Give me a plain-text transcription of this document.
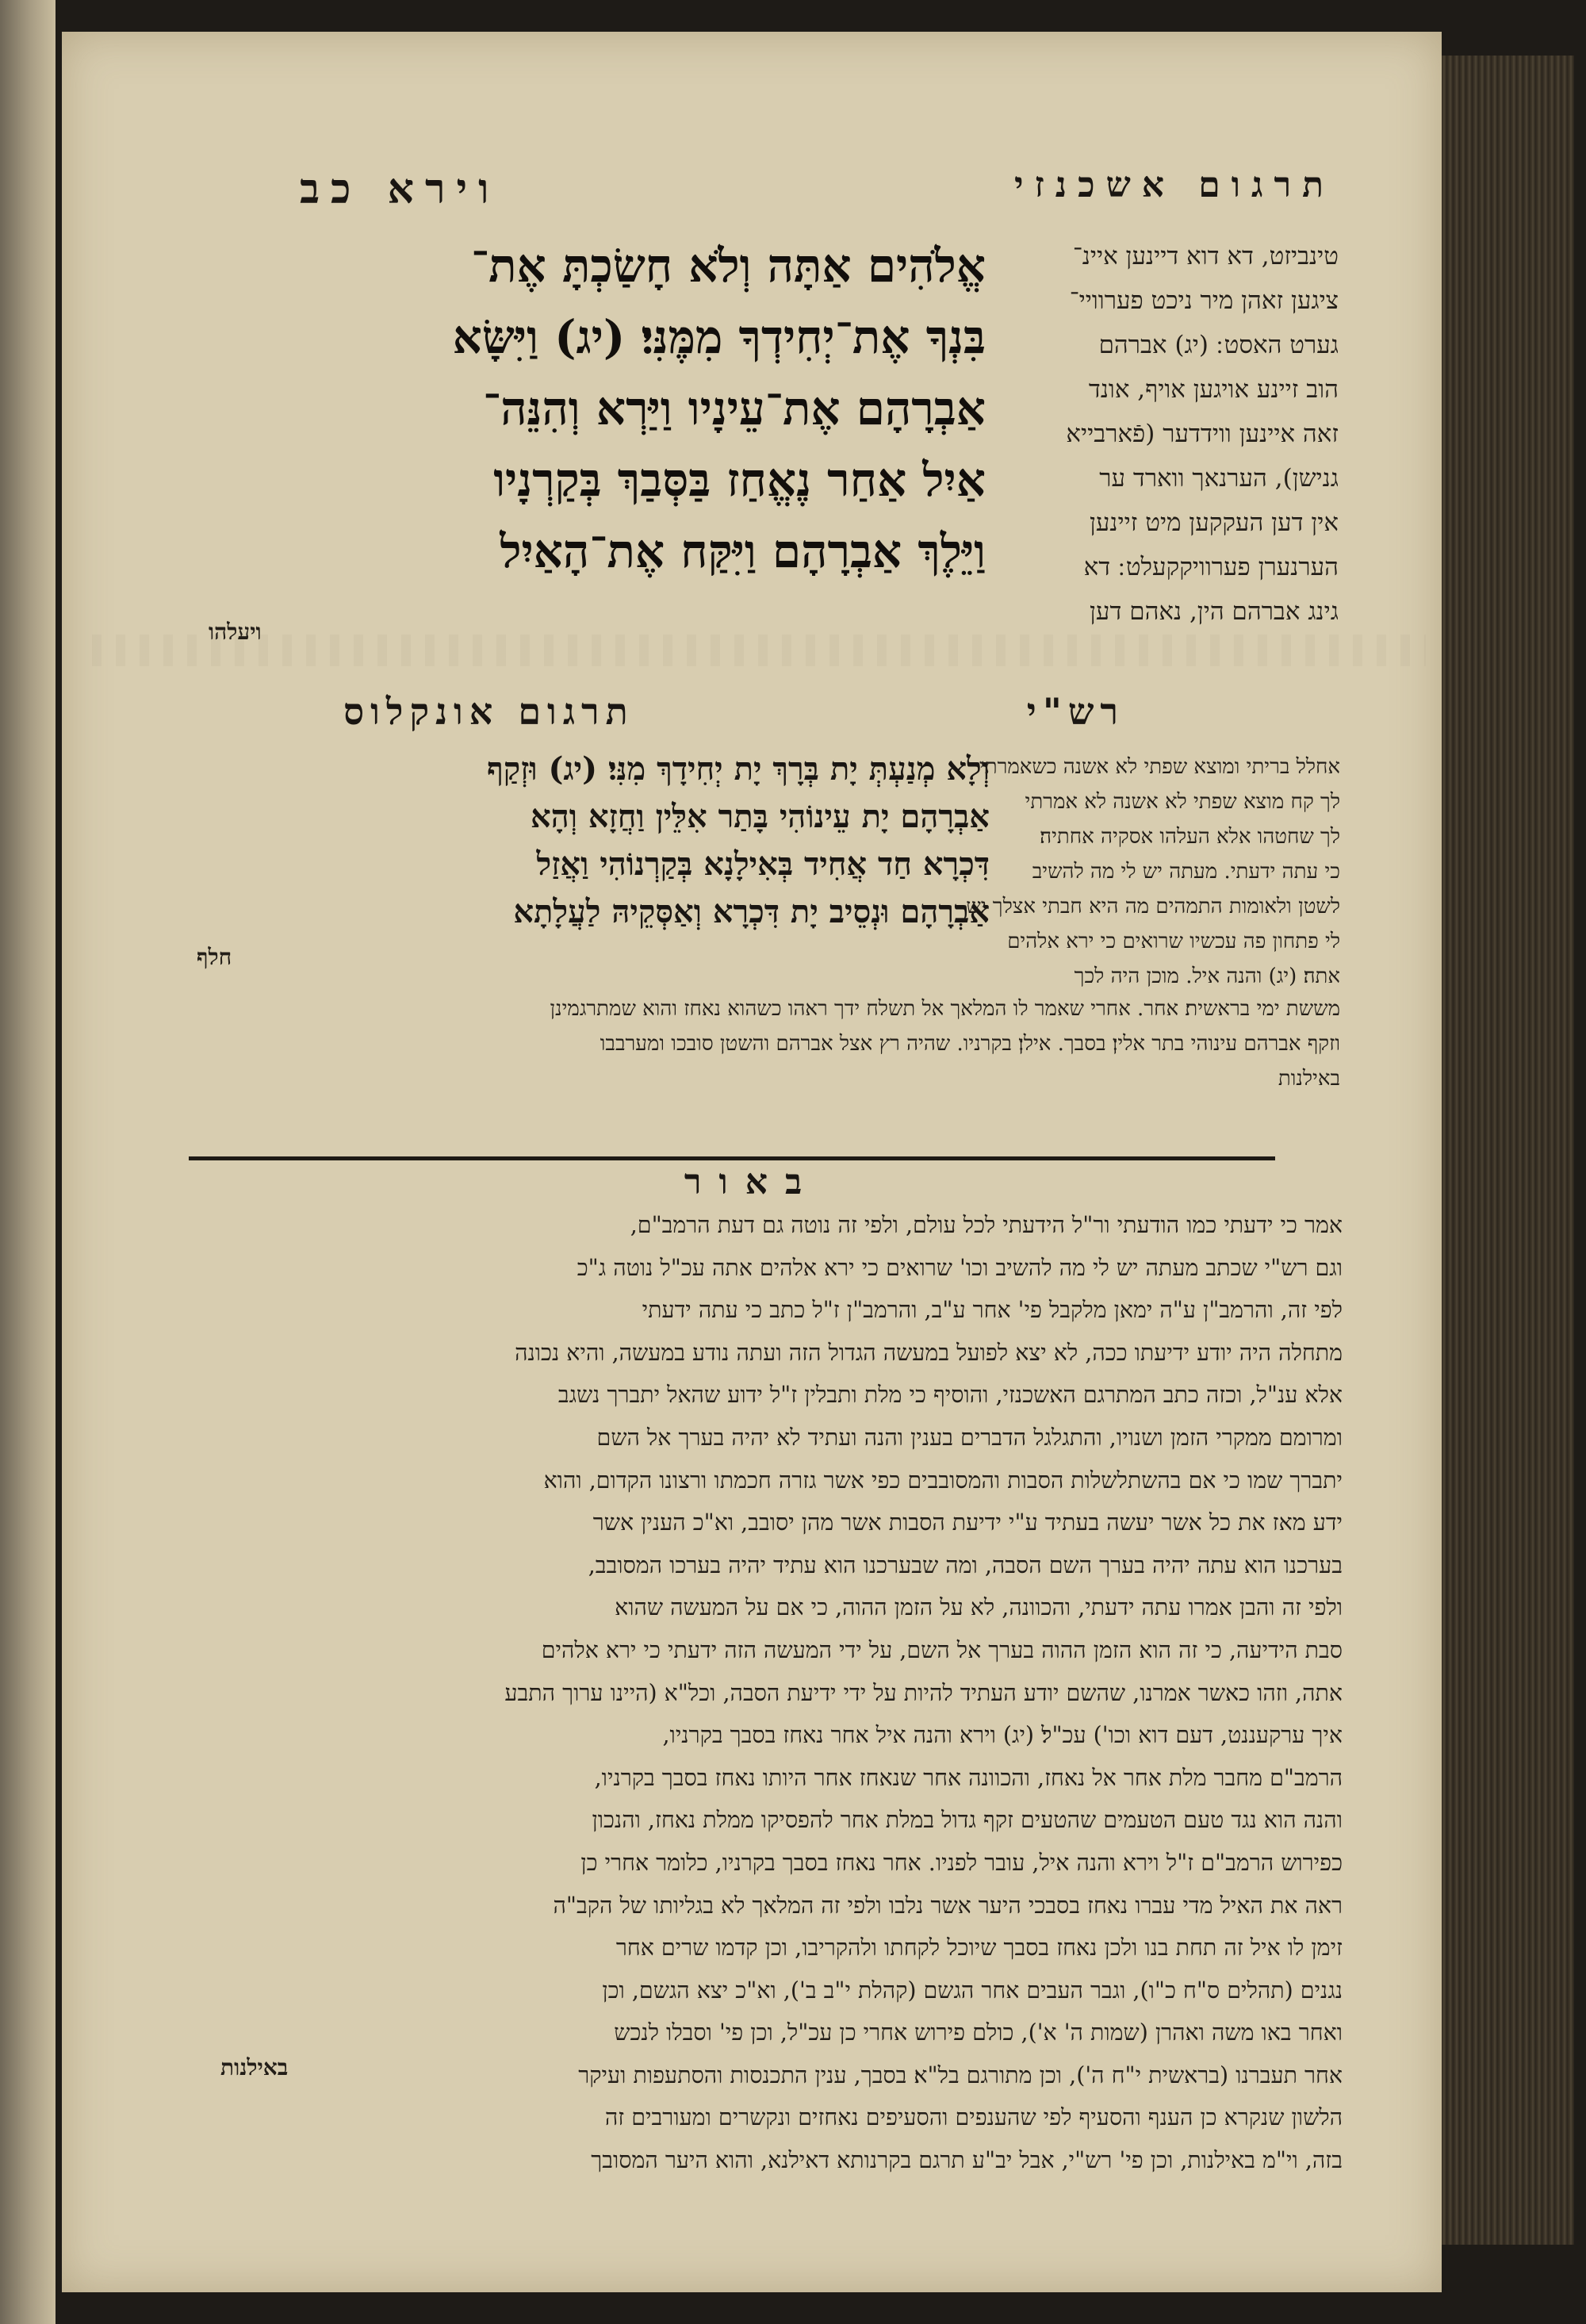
תרגום אשכנזי
וירא כב

טינביזט, דא דוא דיינען איינ־

ציגען זאהן מיר ניכט פערוויי־

גערט האסט ׃ (יג) אברהם

הוב זיינע אויגען אויף, אונד

זאה איינען ווידדער (פֿארבייא

גנישן), הערנאך ווארד ער

אין דען העקקען מיט זיינען

הערנערן פערוויקקעלט ׃ דא

גינג אברהם הין, נאהם דען

אֱלֹהִים אַתָּה וְלֹא חָשַׂכְתָּ אֶת־

בִּנְךָ אֶת־יְחִידְךָ מִמֶּנִּי׃ (יג) וַיִּשָּׂא

אַבְרָהָם אֶת־עֵינָיו וַיַּרְא וְהִנֵּה־

אַיִל אַחַר נֶאֱחַז בַּסְּבַךְ בְּקַרְנָיו

וַיֵּלֶךְ אַבְרָהָם וַיִּקַּח אֶת־הָאַיִל

ויעלהו
רש"י
תרגום אונקלוס

וְלָא מְנַעְתְּ יָת בְּרָךְ יָת יְחִידָךְ מִנִּי׃ (יג) וּזְקַף

אַבְרָהָם יָת עֵינוֹהִי בָּתַר אִלֵּין וַחֲזָא וְהָא

דִּכְרָא חַד אֲחִיד בְּאִילָנָא בְּקַרְנוֹהִי וַאֲזַל

אַבְרָהָם וּנְסֵיב יָת דִּכְרָא וְאַסְּקֵיהּ לַעֲלָתָא

חלף

אחלל בריתי ומוצא שפתי לא אשנה כשאמרתי

לך קח מוצא שפתי לא אשנה לא אמרתי

לך שחטהו אלא העלהו אסקיה אחתיה׃

כי עתה ידעתי. מעתה יש לי מה להשיב

לשטן ולאומות התמהים מה היא חבתי אצלך יש

לי פתחון פה עכשיו שרואים כי ירא אלהים

אתה׃ (יג) והנה איל. מוכן היה לכך

מששת ימי בראשית׃ אחר. אחרי שאמר לו המלאך אל תשלח ידך ראהו כשהוא נאחז והוא שמתרגמינן

וזקף אברהם עינוהי בתר אלין׃ בסבך. אילן׃ בקרניו. שהיה רץ אצל אברהם והשטן סובכו ומערבבו

באילנות

באור

אמר כי ידעתי כמו הודעתי ור"ל הידעתי לכל עולם, ולפי זה נוטה גם דעת הרמב"ם,

וגם רש"י שכתב מעתה יש לי מה להשיב וכו' שרואים כי ירא אלהים אתה עכ"ל נוטה ג"כ

לפי זה, והרמב"ן ע"ה ימאן מלקבל פי' אחר ע"ב, והרמב"ן ז"ל כתב כי עתה ידעתי

מתחלה היה יודע ידיעתו ככה, לא יצא לפועל במעשה הגדול הזה ועתה נודע במעשה, והיא נכונה

אלא ענ"ל, וכזה כתב המתרגם האשכנזי, והוסיף כי מלת ותבלין ז"ל ידוע שהאל יתברך נשגב

ומרומם ממקרי הזמן ושנויו, והתגלגל הדברים בענין והנה ועתיד לא יהיה בערך אל השם

יתברך שמו כי אם בהשתלשלות הסבות והמסובבים כפי אשר גזרה חכמתו ורצונו הקדום, והוא

ידע מאז את כל אשר יעשה בעתיד ע"י ידיעת הסבות אשר מהן יסובב, וא"כ הענין אשר

בערכנו הוא עתה יהיה בערך השם הסבה, ומה שבערכנו הוא עתיד יהיה בערכו המסובב,

ולפי זה והבן אמרו עתה ידעתי, והכוונה, לא על הזמן ההוה, כי אם על המעשה שהוא

סבת הידיעה, כי זה הוא הזמן ההוה בערך אל השם, על ידי המעשה הזה ידעתי כי ירא אלהים

אתה, וזהו כאשר אמרנו, שהשם יודע העתיד להיות על ידי ידיעת הסבה, וכל"א (היינו ערוך התבע

איך ערקעננט, דעם דוא וכו') עכ"ל׃ (יג) וירא והנה איל אחר נאחז בסבך בקרניו,

הרמב"ם מחבר מלת אחר אל נאחז, והכוונה אחר שנאחז אחר היותו נאחז בסבך בקרניו,

והנה הוא נגד טעם הטעמים שהטעים זקף גדול במלת אחר להפסיקו ממלת נאחז, והנכון

כפירוש הרמב"ם ז"ל וירא והנה איל, עובר לפניו. אחר נאחז בסבך בקרניו, כלומר אחרי כן

ראה את האיל מדי עברו נאחז בסבכי היער אשר נלבו ולפי זה המלאך לא בגליותו של הקב"ה

זימן לו איל זה תחת בנו ולכן נאחז בסבך שיוכל לקחתו ולהקריבו, וכן קדמו שרים אחר

נגנים (תהלים ס"ח כ"ו), וגבר העבים אחר הגשם (קהלת י"ב ב'), וא"כ יצא הגשם, וכן

ואחר באו משה ואהרן (שמות ה' א'), כולם פירוש אחרי כן עכ"ל, וכן פי' וסבלו לנכש

אחר תעברנו (בראשית י"ח ה'), וכן מתורגם בל"א׃ בסבך, ענין התכנסות והסתעפות ועיקר

הלשון שנקרא כן הענף והסעיף לפי שהענפים והסעיפים נאחזים ונקשרים ומעורבים זה

בזה, וי"מ באילנות, וכן פי' רש"י, אבל יב"ע תרגם בקרנותא דאילנא, והוא היער המסובך

באילנות
